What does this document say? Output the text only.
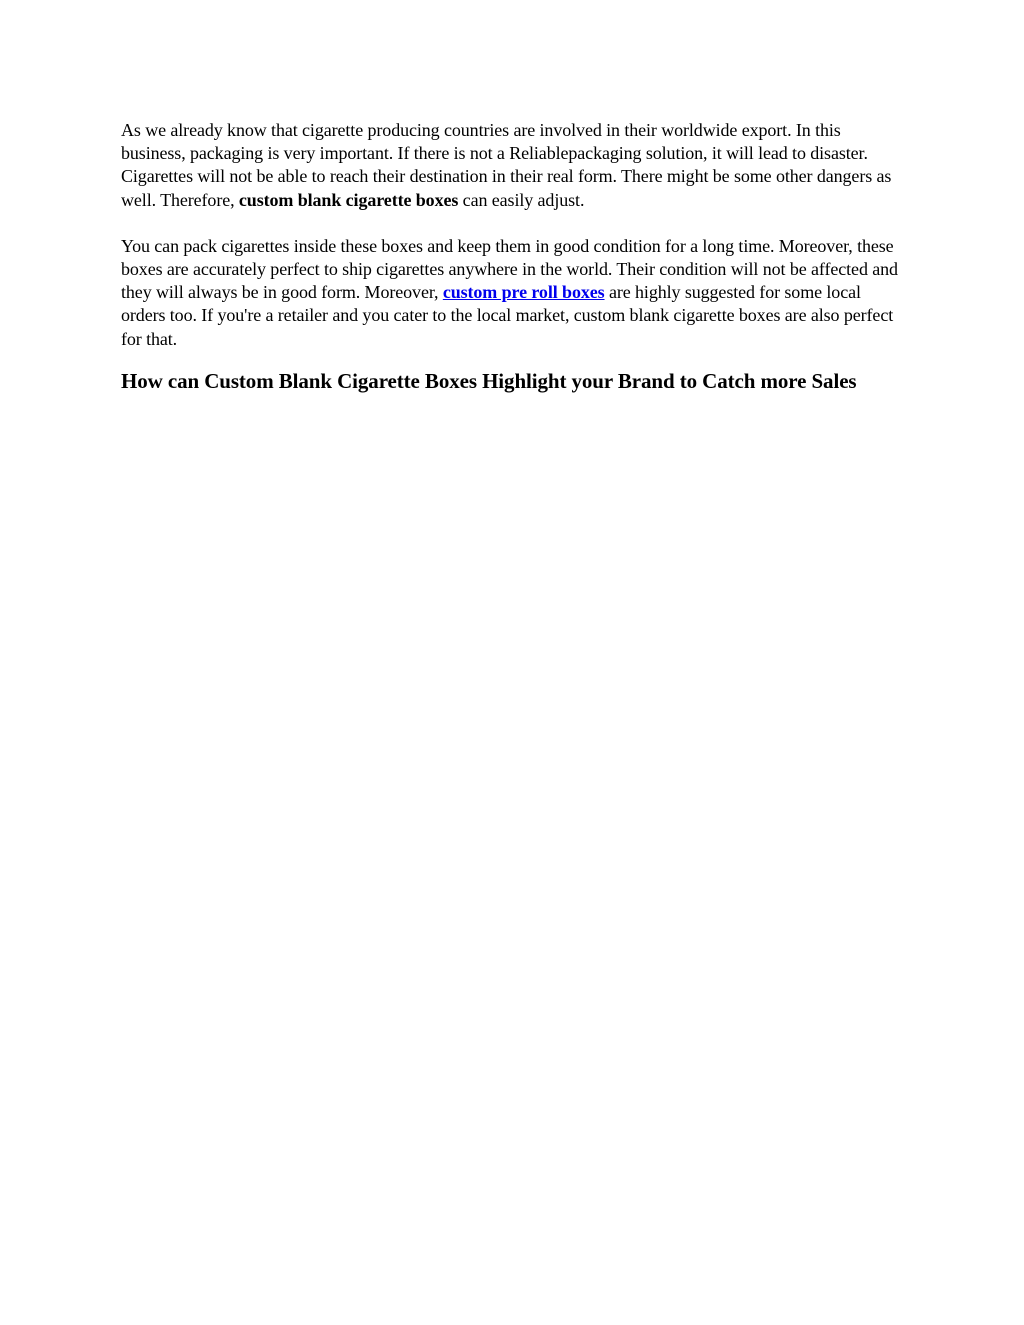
As we already know that cigarette producing countries are involved in their worldwide export. In this business, packaging is very important. If there is not a Reliablepackaging solution, it will lead to disaster. Cigarettes will not be able to reach their destination in their real form. There might be some other dangers as well. Therefore, custom blank cigarette boxes can easily adjust.

You can pack cigarettes inside these boxes and keep them in good condition for a long time. Moreover, these boxes are accurately perfect to ship cigarettes anywhere in the world. Their condition will not be affected and they will always be in good form. Moreover, custom pre roll boxes are highly suggested for some local orders too. If you're a retailer and you cater to the local market, custom blank cigarette boxes are also perfect for that.

How can Custom Blank Cigarette Boxes Highlight your Brand to Catch more Sales
